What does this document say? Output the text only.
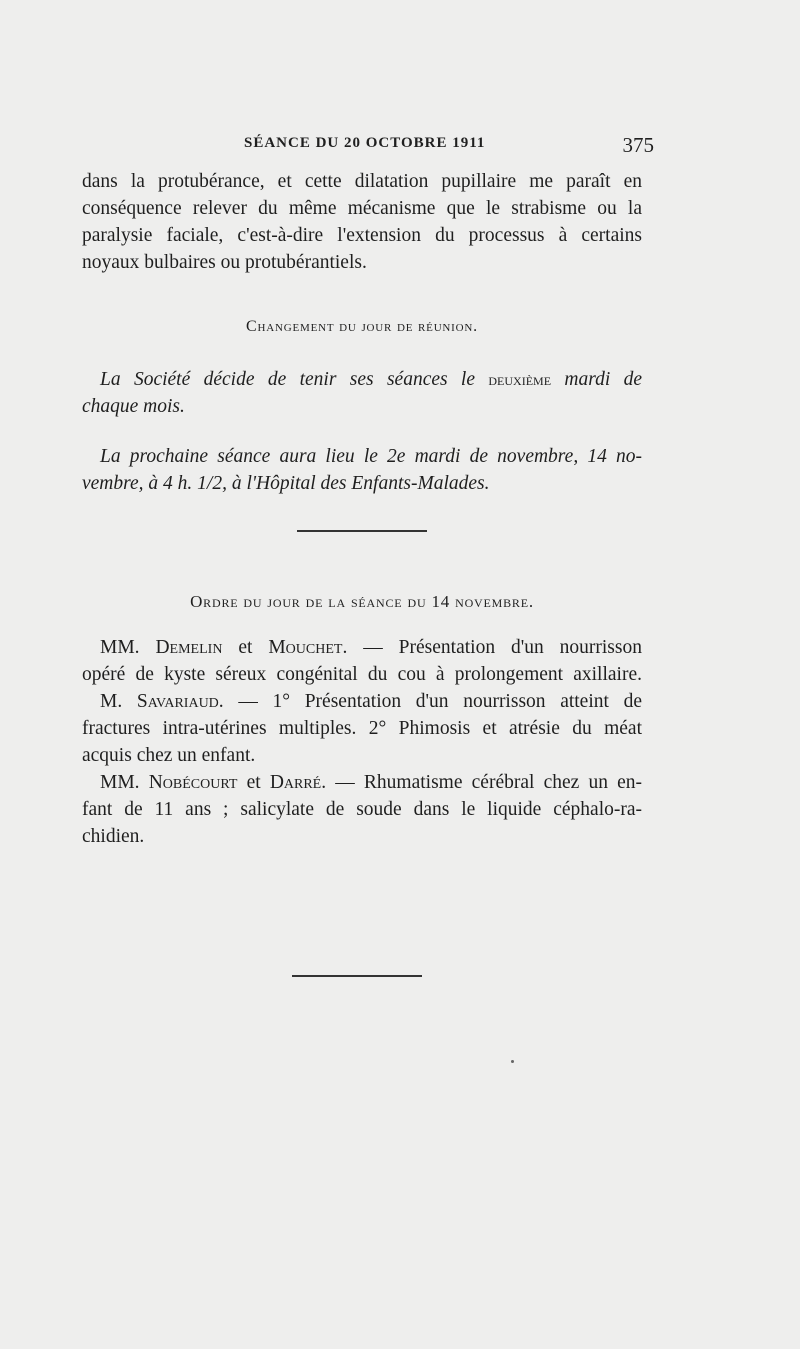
SÉANCE DU 20 OCTOBRE 1911	375
dans la protubérance, et cette dilatation pupillaire me paraît en
conséquence relever du même mécanisme que le strabisme ou la
paralysie faciale, c'est-à-dire l'extension du processus à certains
noyaux bulbaires ou protubérantiels.
Changement du jour de réunion.
La Société décide de tenir ses séances le deuxième mardi de
chaque mois.
La prochaine séance aura lieu le 2e mardi de novembre, 14 no-
vembre, à 4 h. 1/2, à l'Hôpital des Enfants-Malades.
Ordre du jour de la séance du 14 novembre.
MM. Demelin et Mouchet. — Présentation d'un nourrisson
opéré de kyste séreux congénital du cou à prolongement axillaire.
M. Savariaud. — 1° Présentation d'un nourrisson atteint de
fractures intra-utérines multiples. 2° Phimosis et atrésie du méat
acquis chez un enfant.
MM. Nobécourt et Darré. — Rhumatisme cérébral chez un en-
fant de 11 ans ; salicylate de soude dans le liquide céphalo-ra-
chidien.
